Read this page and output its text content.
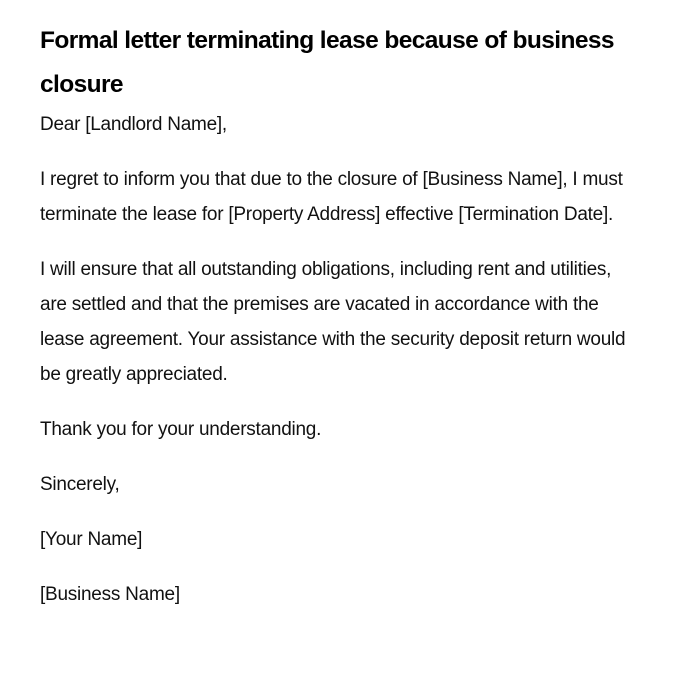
Formal letter terminating lease because of business closure

Dear [Landlord Name],

I regret to inform you that due to the closure of [Business Name], I must terminate the lease for [Property Address] effective [Termination Date].

I will ensure that all outstanding obligations, including rent and utilities, are settled and that the premises are vacated in accordance with the lease agreement. Your assistance with the security deposit return would be greatly appreciated.

Thank you for your understanding.

Sincerely,

[Your Name]

[Business Name]
